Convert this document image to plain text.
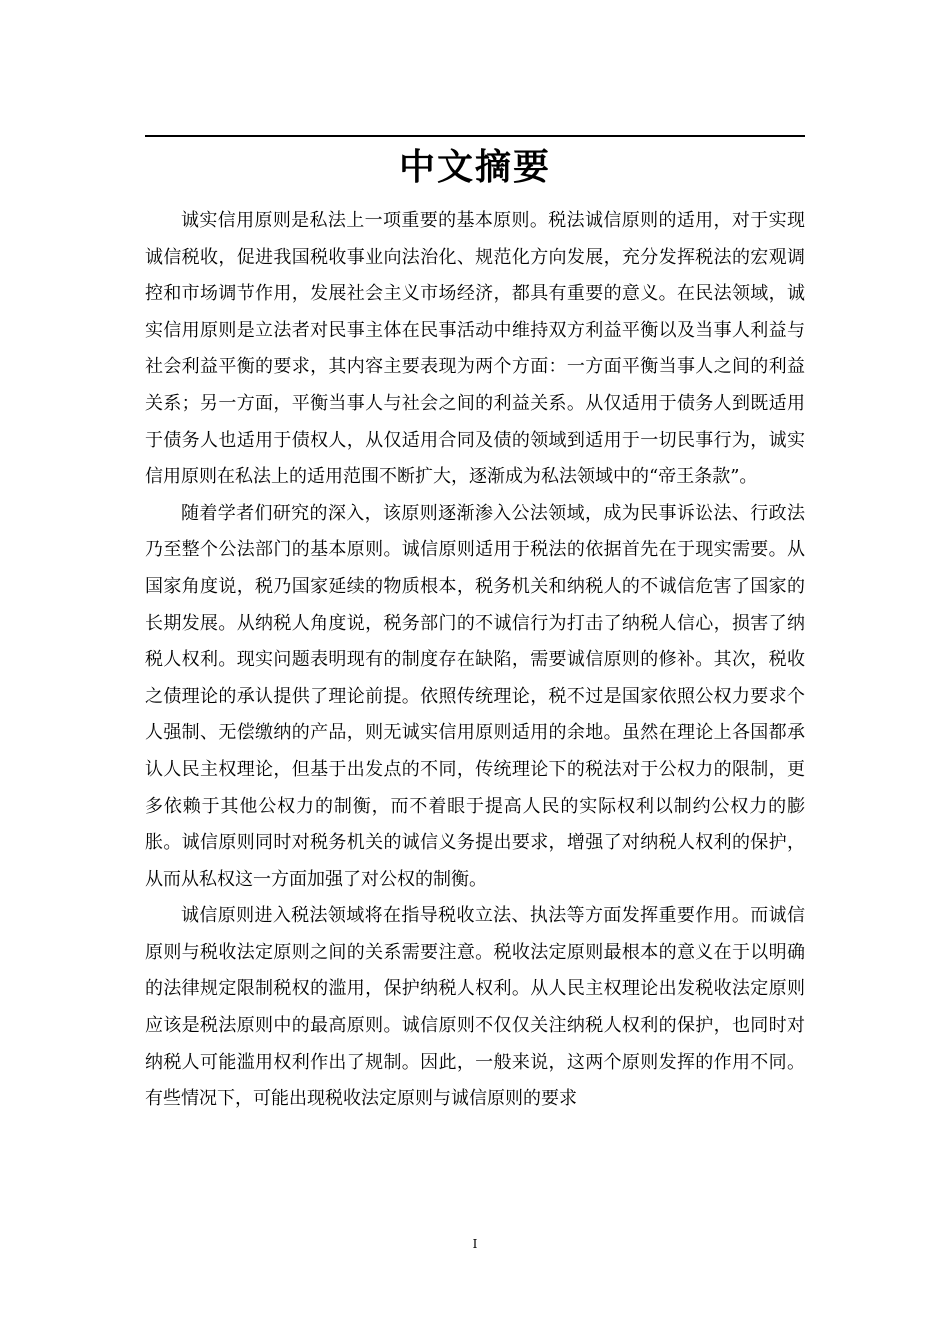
中文摘要

诚实信用原则是私法上一项重要的基本原则。税法诚信原则的适用，对于实现诚信税收，促进我国税收事业向法治化、规范化方向发展，充分发挥税法的宏观调控和市场调节作用，发展社会主义市场经济，都具有重要的意义。在民法领域，诚实信用原则是立法者对民事主体在民事活动中维持双方利益平衡以及当事人利益与社会利益平衡的要求，其内容主要表现为两个方面：一方面平衡当事人之间的利益关系；另一方面，平衡当事人与社会之间的利益关系。从仅适用于债务人到既适用于债务人也适用于债权人，从仅适用合同及债的领域到适用于一切民事行为，诚实信用原则在私法上的适用范围不断扩大，逐渐成为私法领域中的“帝王条款”。

随着学者们研究的深入，该原则逐渐渗入公法领域，成为民事诉讼法、行政法乃至整个公法部门的基本原则。诚信原则适用于税法的依据首先在于现实需要。从国家角度说，税乃国家延续的物质根本，税务机关和纳税人的不诚信危害了国家的长期发展。从纳税人角度说，税务部门的不诚信行为打击了纳税人信心，损害了纳税人权利。现实问题表明现有的制度存在缺陷，需要诚信原则的修补。其次，税收之债理论的承认提供了理论前提。依照传统理论，税不过是国家依照公权力要求个人强制、无偿缴纳的产品，则无诚实信用原则适用的余地。虽然在理论上各国都承认人民主权理论，但基于出发点的不同，传统理论下的税法对于公权力的限制，更多依赖于其他公权力的制衡，而不着眼于提高人民的实际权利以制约公权力的膨胀。诚信原则同时对税务机关的诚信义务提出要求，增强了对纳税人权利的保护，从而从私权这一方面加强了对公权的制衡。

诚信原则进入税法领域将在指导税收立法、执法等方面发挥重要作用。而诚信原则与税收法定原则之间的关系需要注意。税收法定原则最根本的意义在于以明确的法律规定限制税权的滥用，保护纳税人权利。从人民主权理论出发税收法定原则应该是税法原则中的最高原则。诚信原则不仅仅关注纳税人权利的保护，也同时对纳税人可能滥用权利作出了规制。因此，一般来说，这两个原则发挥的作用不同。有些情况下，可能出现税收法定原则与诚信原则的要求

I
